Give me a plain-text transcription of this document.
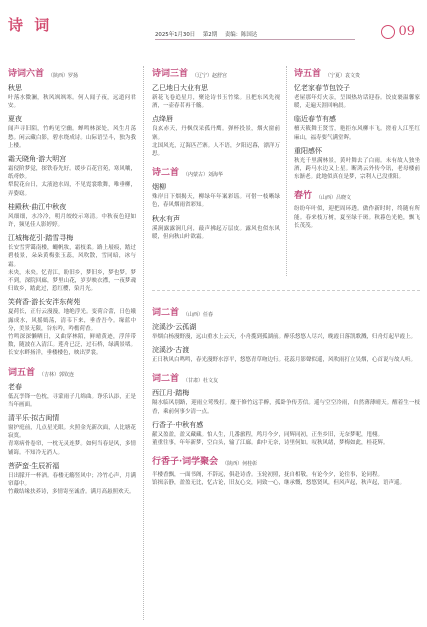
诗 词
2025年1月30日 第2期 责编：陈国达	09
诗词六首 （陕西）罗扬
秋思
叶落水微澜，秋风飒飒寒。何人闻子夜，远道问君安。
夏夜
闻声寻旧陌，竹屿见空幽。蝉鸣林深处，风生月荡愁。闲云藏白影，碧水绕成诗。山际语呈斗，独为我上楼。
霜天晓角·游大明宫
霜侵阶梦觉，探铁春先好。缓步百花宫苑，寒风嚷，纸鸢妙。
犁院花台日，太液池水周，不见霓裳歌舞，唯垂柳，弄姿窈。
桂殿秋·曲江中秋夜
风细细，水冷冷，明月皎皎示寒清。中秋夜色迎如许，频见佳人影婷婷。
江城梅花引·踏雪寻梅
长安雪霁霭南楼，蠅帆妆，霜枝柔。路上屐痕，踏过碧枝景，朵朵黄梅张玉蕊，风吹散，雪同暗，冰与霜。
未央，未央。忆青江，盼旧乡，梦旧乡，梦也梦。梦不到，深院回廊，梦里山花，岁岁映衣襟，一夜梦魂归故乡，踏此过，惹红樱，染月光。
笑荷香·游长安泮东荷苑
夏荷长，正行云漫漫，地绝浮光。变荷合蕾，日色娥露成水，风摇嫣荡，清韦下来，垂香吾今。缘蓝中分，美景无限，谷东吟，吟檐荷香。
竹鸣深深懒晒日，又曲穿林陌，鲜晴黄迹，浮萍带数，随波在入清江。莲舟已泛，过石桥，绿满景堵。长安水畔扬洋，垂楼楼色，映出罗裳。
词五首 （吉林）郭钦连
老春
低瓦孪锋一色枕，寻蒙雨子几绵曲。诤乐认添，正是当年画面。
清平乐·拟古闺情
窗护庭前，几点星光眼。火照金光新次面，人比塘花寂寞。
青寒病骨卷帘，一枕无灵连梦。如何当春是风，多情铺诲。不知冷无消人。
菩萨蛮·生辰祈福
日出朦开一杯酒。春楼无觞竖风中；冷竹心声，月满帘幕中。
竹戴结缘扶养诗，多情寄至诚香。满月高悬照欢天。
诗词三首 （辽宁）赵舒宫
乙巳地日大业有思
新花飞卷追星月，聚论诗书玉竹梁。且把东风先视酒，一壶春茗再千觞。
点绛唇
良玄赤天，丹枫伐采孤丹鹰。弹杯投景，烟火窗前寨。
北国风光，辽海匹芒寨。人不语，夕阳迟暮，漂洋万思。
诗二首 （内蒙古）刘海华
烟柳
殊岸日下烟揭天，柳绿年年案彩谣。可借一枝晰绿色，春风烟雨省彩知。
秋水有声
溪涧露露涧几问，敲声拂起万层皮。露风也似东风暖，但向秋山叶欲霜。
诗五首 （宁夏）袁文贵
忆老家春节包饺子
老屋那年灯火亲，呈围热坊话迎春。饺皮裹温馨家暖，走遍天涯回响晨。
临近春节有感
檀天筱舞王贤雪，艳拒东风柳丰飞。搓看人江笙红麻山，福寿要气满堂晖。
重阳感怀
秋光千里满林景，黄叶舞去了白雨。未有故人独坐酒，跨马水边又上星。断鸿云外传今讯，老母楼前东渐老。此地似真在是梦，宗利人已没重阳。
春竹 （山西）吕晓文
纷纷年叶似，迎把周环透。做作新时时，终随有所能。春来枝万树，夏至绿千斑。秋暮色光艳，飘飞长茂茂。
词二首 （山西）任春
浣溪沙·云孤湖
举烟白杨漫野漫，远山重水上云天，小舟揽到孤湖前。醉乐悠悠人尽兴，晚霞日落凯歌溅，归舟灯起早霞上。
浣溪沙·古渡
正日秋风白鸣鸣，春光漫野水淳平，悠悠青草吻边行。花蕊月影聲似遥，风吹雨打立吴烟，心首说与故人听。
词二首 （甘肃）杜文友
西江月·踏梅
隔水临风别路，迎雨立莺残打。魔于修竹远手醉，孤卧争传芳信。遥与空空冷雨，自然薄薄晴天。醒着生一枝香，乘前何事少清一点。
行香子·中秋有感
献又盈盈，盈又藏藏。怕人生，几番旅程，鸬月今夕，同辉同初，正坐乡旧，无奈梦呢，甩栩。
董重往事，年年新梦，空白头，输了江廊。曲中无奈，诗里何如。叹秋风绪，梦梅如此，桂花辉。
行香子·词学聚会 （陕西）何桂彰
半楼香飘，一面书阁，不辞远，俱赴诗香。玉轮初照，抚自相敬，有论今夕，论往事，论同程。
馆揖亲静，盈盈无比，忆古论，旧友心交，同致一心，继承慨，悠悠贤风，但风声起，秋声起，语声遥。
